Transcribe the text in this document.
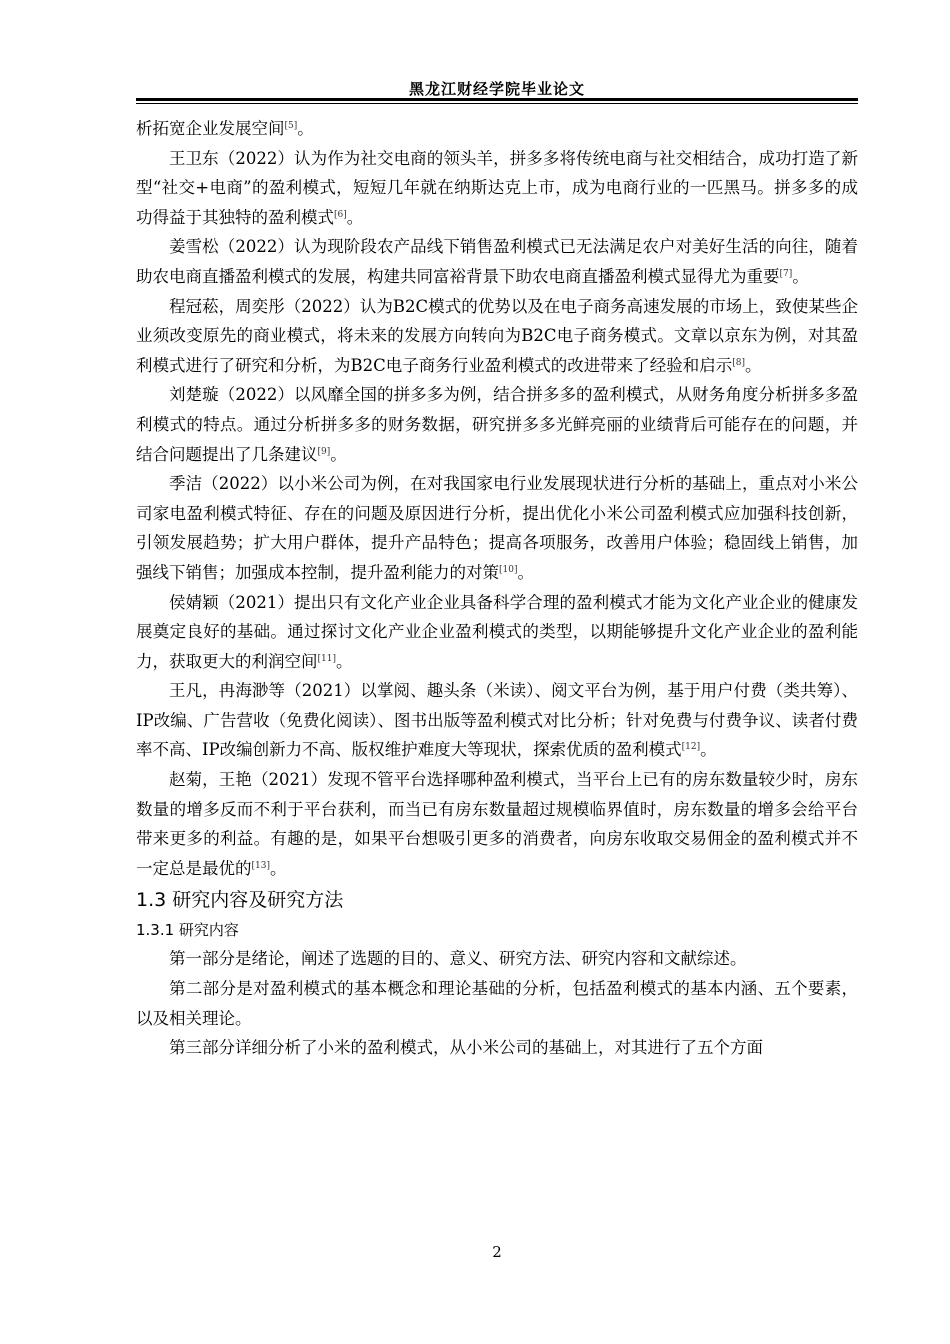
黑龙江财经学院毕业论文

析拓宽企业发展空间[5]。

王卫东（2022）认为作为社交电商的领头羊，拼多多将传统电商与社交相结合，成功打造了新型“社交+电商”的盈利模式，短短几年就在纳斯达克上市，成为电商行业的一匹黑马。拼多多的成功得益于其独特的盈利模式[6]。

姜雪松（2022）认为现阶段农产品线下销售盈利模式已无法满足农户对美好生活的向往，随着助农电商直播盈利模式的发展，构建共同富裕背景下助农电商直播盈利模式显得尤为重要[7]。

程冠菘，周奕彤（2022）认为B2C模式的优势以及在电子商务高速发展的市场上，致使某些企业须改变原先的商业模式，将未来的发展方向转向为B2C电子商务模式。文章以京东为例，对其盈利模式进行了研究和分析，为B2C电子商务行业盈利模式的改进带来了经验和启示[8]。

刘楚璇（2022）以风靡全国的拼多多为例，结合拼多多的盈利模式，从财务角度分析拼多多盈利模式的特点。通过分析拼多多的财务数据，研究拼多多光鲜亮丽的业绩背后可能存在的问题，并结合问题提出了几条建议[9]。

季洁（2022）以小米公司为例，在对我国家电行业发展现状进行分析的基础上，重点对小米公司家电盈利模式特征、存在的问题及原因进行分析，提出优化小米公司盈利模式应加强科技创新，引领发展趋势；扩大用户群体，提升产品特色；提高各项服务，改善用户体验；稳固线上销售，加强线下销售；加强成本控制，提升盈利能力的对策[10]。

侯婧颖（2021）提出只有文化产业企业具备科学合理的盈利模式才能为文化产业企业的健康发展奠定良好的基础。通过探讨文化产业企业盈利模式的类型，以期能够提升文化产业企业的盈利能力，获取更大的利润空间[11]。

王凡，冉海渺等（2021）以掌阅、趣头条（米读）、阅文平台为例，基于用户付费（类共筹）、IP改编、广告营收（免费化阅读）、图书出版等盈利模式对比分析；针对免费与付费争议、读者付费率不高、IP改编创新力不高、版权维护难度大等现状，探索优质的盈利模式[12]。

赵菊，王艳（2021）发现不管平台选择哪种盈利模式，当平台上已有的房东数量较少时，房东数量的增多反而不利于平台获利，而当已有房东数量超过规模临界值时，房东数量的增多会给平台带来更多的利益。有趣的是，如果平台想吸引更多的消费者，向房东收取交易佣金的盈利模式并不一定总是最优的[13]。

1.3 研究内容及研究方法
1.3.1 研究内容

第一部分是绪论，阐述了选题的目的、意义、研究方法、研究内容和文献综述。

第二部分是对盈利模式的基本概念和理论基础的分析，包括盈利模式的基本内涵、五个要素，以及相关理论。

第三部分详细分析了小米的盈利模式，从小米公司的基础上，对其进行了五个方面

2
